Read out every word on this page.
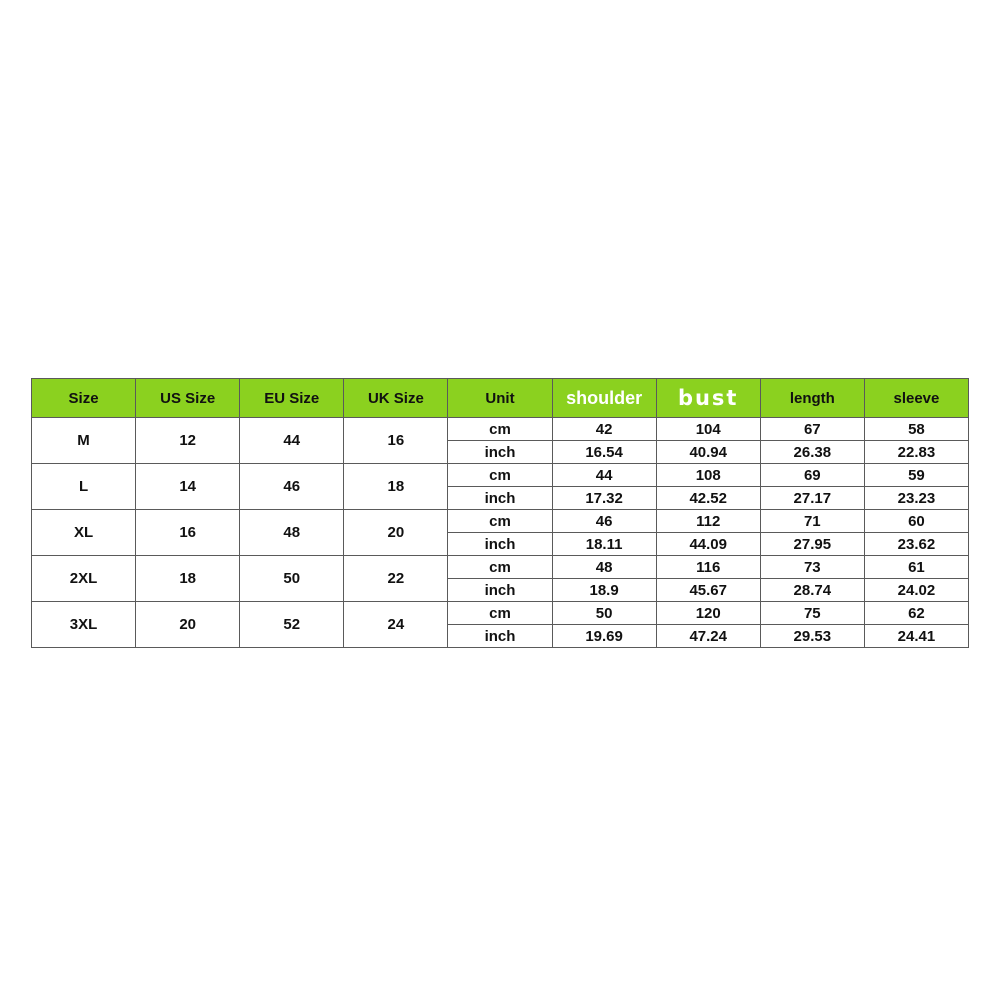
Size	US Size	EU Size	UK Size	Unit	shoulder	bust	length	sleeve
M	12	44	16	cm	42	104	67	58
				inch	16.54	40.94	26.38	22.83
L	14	46	18	cm	44	108	69	59
				inch	17.32	42.52	27.17	23.23
XL	16	48	20	cm	46	112	71	60
				inch	18.11	44.09	27.95	23.62
2XL	18	50	22	cm	48	116	73	61
				inch	18.9	45.67	28.74	24.02
3XL	20	52	24	cm	50	120	75	62
				inch	19.69	47.24	29.53	24.41
